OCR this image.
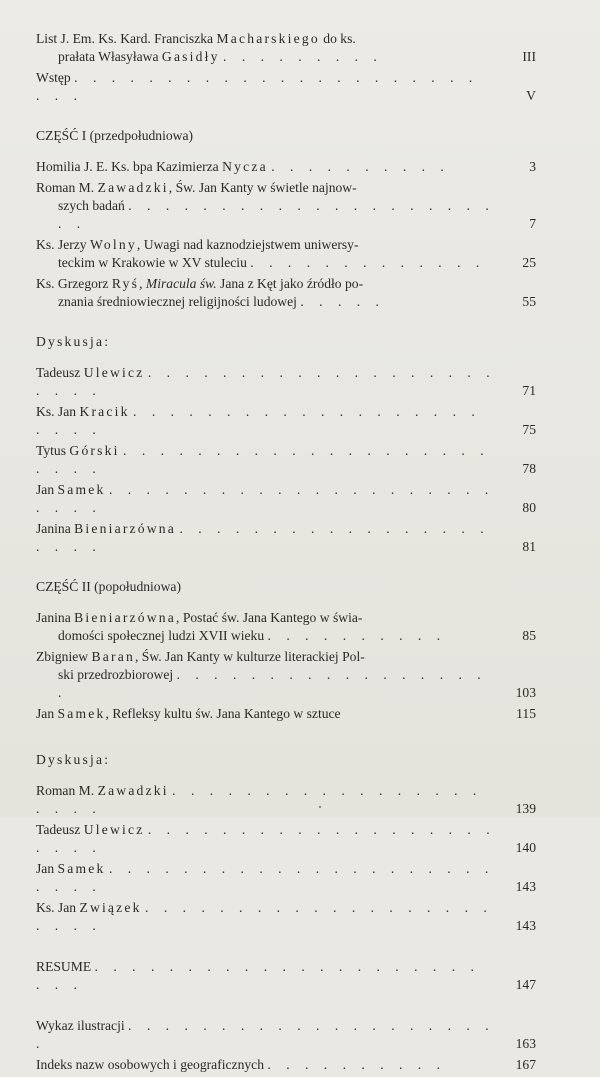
List J. Em. Ks. Kard. Franciszka Macharskiego do ks.
prałata Własyława Gasidły . . . . . . . . .	III
Wstęp . . . . . . . . . . . . . . . . . . . . . . . . .	V

CZĘŚĆ I (przedpołudniowa)

Homilia J. E. Ks. bpa Kazimierza Nycza . . . . . . . . . .	3
Roman M. Zawadzki, Św. Jan Kanty w świetle najnow-
szych badań . . . . . . . . . . . . . . . . . . . . . .	7
Ks. Jerzy Wolny, Uwagi nad kaznodziejstwem uniwersy-
teckim w Krakowie w XV stuleciu . . . . . . . . . . . . .	25
Ks. Grzegorz Ryś, Miracula św. Jana z Kęt jako źródło po-
znania średniowiecznej religijności ludowej . . . . .	55

Dyskusja:

Tadeusz Ulewicz . . . . . . . . . . . . . . . . . . . . . . .	71
Ks. Jan Kracik . . . . . . . . . . . . . . . . . . . . . . .	75
Tytus Górski . . . . . . . . . . . . . . . . . . . . . . . .	78
Jan Samek . . . . . . . . . . . . . . . . . . . . . . . . .	80
Janina Bieniarzówna . . . . . . . . . . . . . . . . . . . . .	81

CZĘŚĆ II (popołudniowa)

Janina Bieniarzówna, Postać św. Jana Kantego w świa-
domości społecznej ludzi XVII wieku . . . . . . . . . .	85
Zbigniew Baran, Św. Jan Kanty w kulturze literackiej Pol-
ski przedrozbiorowej . . . . . . . . . . . . . . . . . .	103
Jan Samek, Refleksy kultu św. Jana Kantego w sztuce	115

Dyskusja:

Roman M. Zawadzki . . . . . . . . . . . . . . . . . . . . .	139
Tadeusz Ulewicz . . . . . . . . . . . . . . . . . . . . . . .	140
Jan Samek . . . . . . . . . . . . . . . . . . . . . . . . .	143
Ks. Jan Związek . . . . . . . . . . . . . . . . . . . . . . .	143
RESUME . . . . . . . . . . . . . . . . . . . . . . . .	147
Wykaz ilustracji . . . . . . . . . . . . . . . . . . . . .	163
Indeks nazw osobowych i geograficznych . . . . . . . . . .	167
